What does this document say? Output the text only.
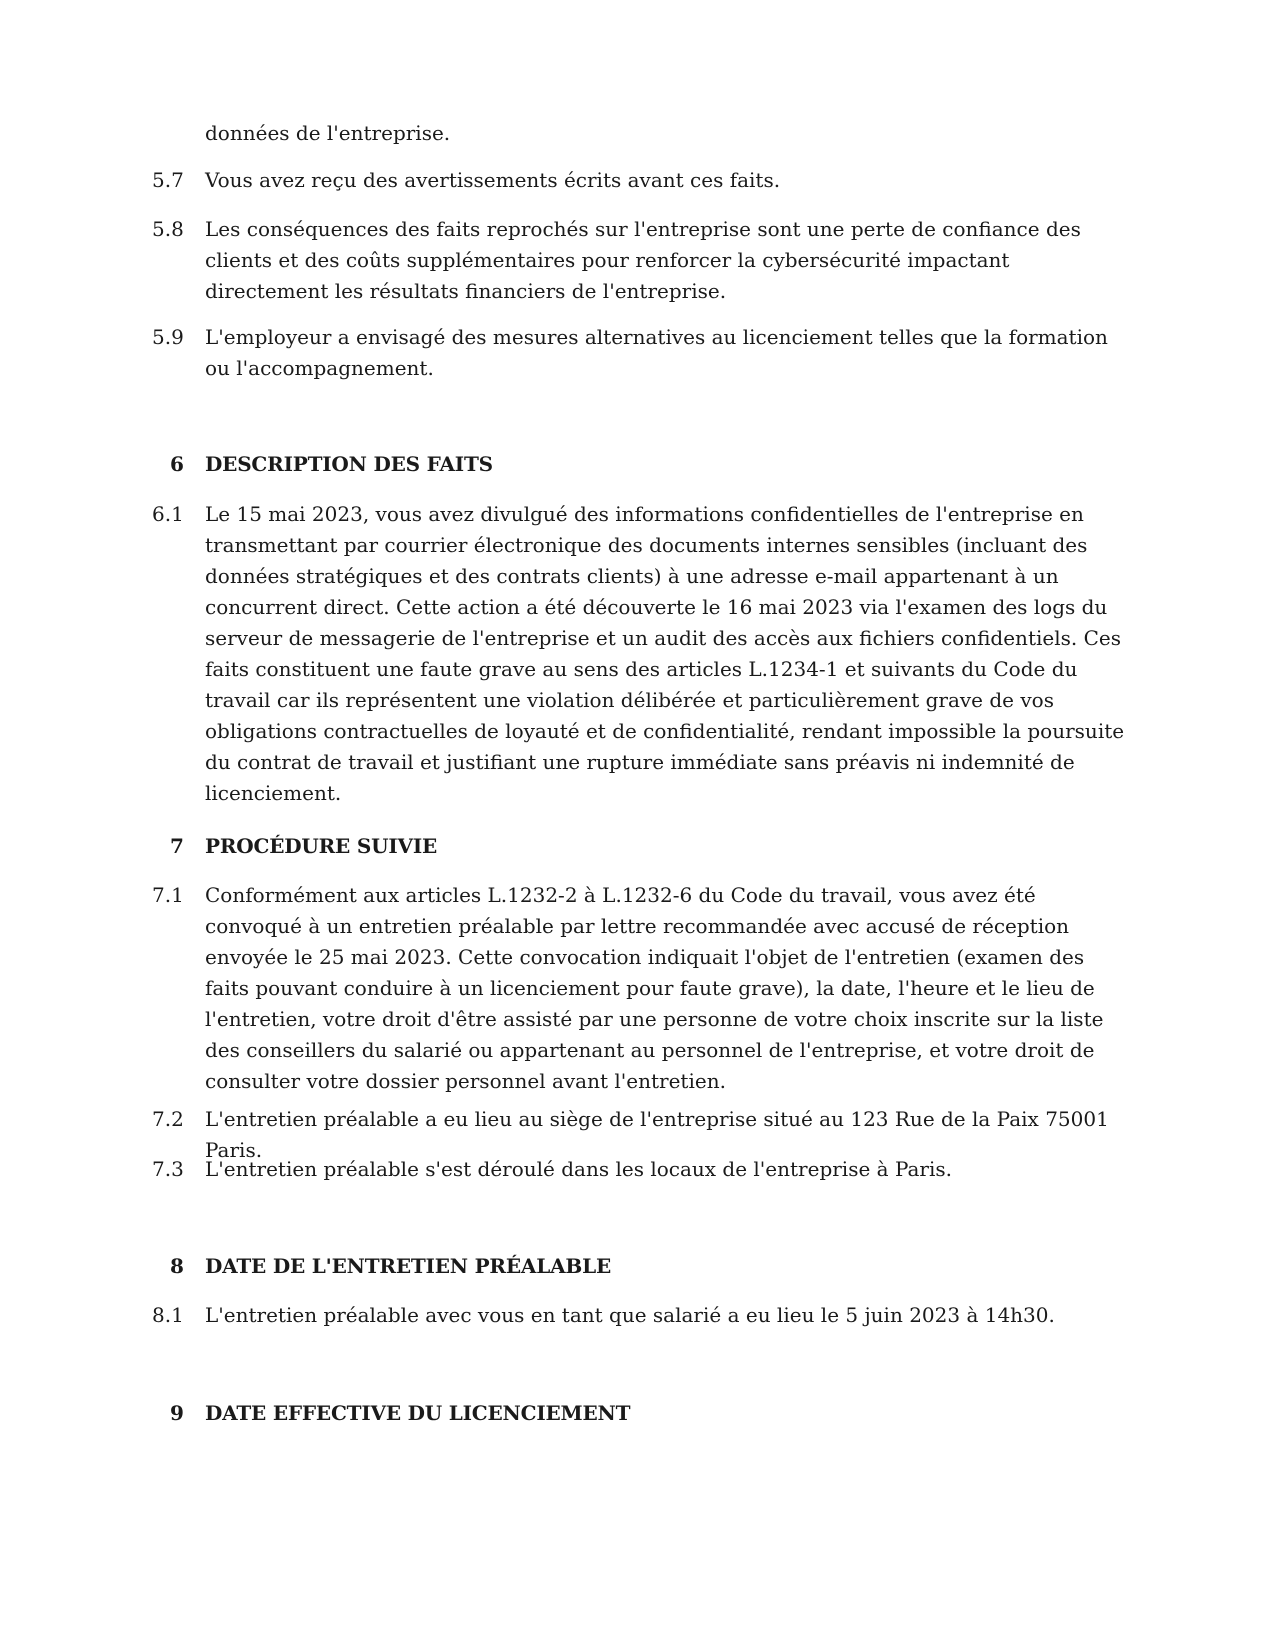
données de l'entreprise.
5.7	Vous avez reçu des avertissements écrits avant ces faits.
5.8	Les conséquences des faits reprochés sur l'entreprise sont une perte de confiance des clients et des coûts supplémentaires pour renforcer la cybersécurité impactant directement les résultats financiers de l'entreprise.
5.9	L'employeur a envisagé des mesures alternatives au licenciement telles que la formation ou l'accompagnement.
6	DESCRIPTION DES FAITS
6.1	Le 15 mai 2023, vous avez divulgué des informations confidentielles de l'entreprise en transmettant par courrier électronique des documents internes sensibles (incluant des données stratégiques et des contrats clients) à une adresse e-mail appartenant à un concurrent direct. Cette action a été découverte le 16 mai 2023 via l'examen des logs du serveur de messagerie de l'entreprise et un audit des accès aux fichiers confidentiels. Ces faits constituent une faute grave au sens des articles L.1234-1 et suivants du Code du travail car ils représentent une violation délibérée et particulièrement grave de vos obligations contractuelles de loyauté et de confidentialité, rendant impossible la poursuite du contrat de travail et justifiant une rupture immédiate sans préavis ni indemnité de licenciement.
7	PROCÉDURE SUIVIE
7.1	Conformément aux articles L.1232-2 à L.1232-6 du Code du travail, vous avez été convoqué à un entretien préalable par lettre recommandée avec accusé de réception envoyée le 25 mai 2023. Cette convocation indiquait l'objet de l'entretien (examen des faits pouvant conduire à un licenciement pour faute grave), la date, l'heure et le lieu de l'entretien, votre droit d'être assisté par une personne de votre choix inscrite sur la liste des conseillers du salarié ou appartenant au personnel de l'entreprise, et votre droit de consulter votre dossier personnel avant l'entretien.
7.2	L'entretien préalable a eu lieu au siège de l'entreprise situé au 123 Rue de la Paix 75001 Paris.
7.3	L'entretien préalable s'est déroulé dans les locaux de l'entreprise à Paris.
8	DATE DE L'ENTRETIEN PRÉALABLE
8.1	L'entretien préalable avec vous en tant que salarié a eu lieu le 5 juin 2023 à 14h30.
9	DATE EFFECTIVE DU LICENCIEMENT
